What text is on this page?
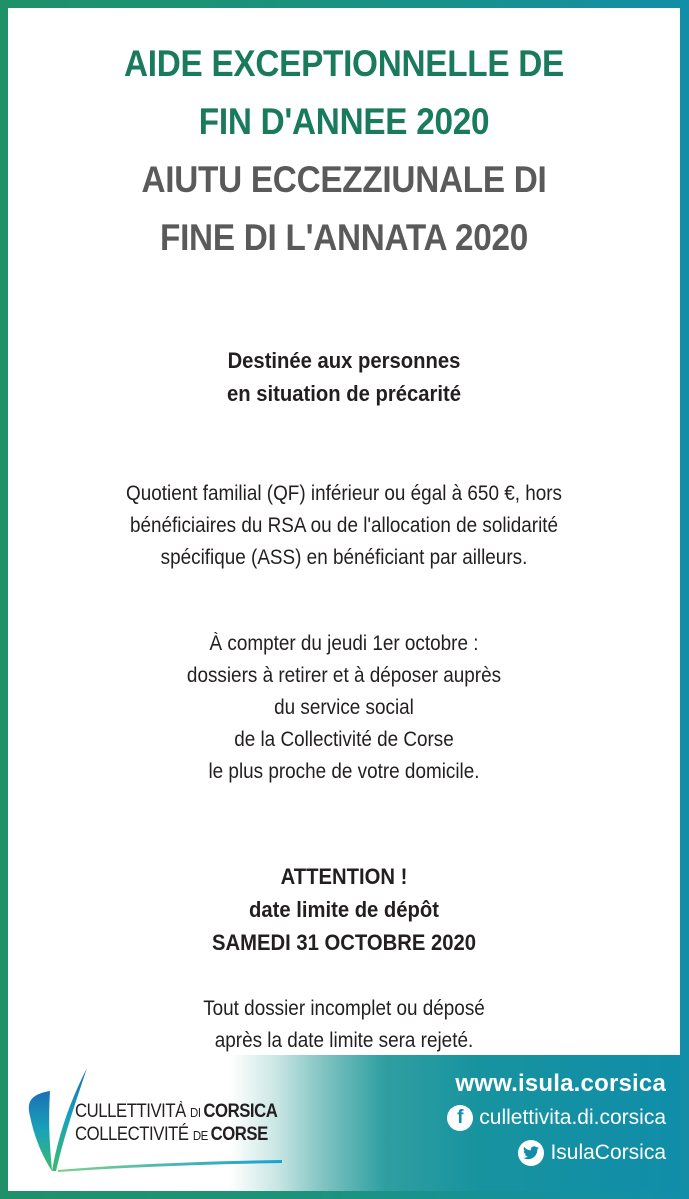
AIDE EXCEPTIONNELLE DE
FIN D'ANNEE 2020
AIUTU ECCEZZIUNALE DI
FINE DI L'ANNATA 2020
Destinée aux personnes
en situation de précarité
Quotient familial (QF) inférieur ou égal à 650 €, hors
bénéficiaires du RSA ou de l'allocation de solidarité
spécifique (ASS) en bénéficiant par ailleurs.
À compter du jeudi 1er octobre :
dossiers à retirer et à déposer auprès
du service social
de la Collectivité de Corse
le plus proche de votre domicile.
ATTENTION !
date limite de dépôt
SAMEDI 31 OCTOBRE 2020
Tout dossier incomplet ou déposé
après la date limite sera rejeté.
CULLETTIVITÀ DI CORSICA
COLLECTIVITÉ DE CORSE
www.isula.corsica
f cullettivita.di.corsica
IsulaCorsica
